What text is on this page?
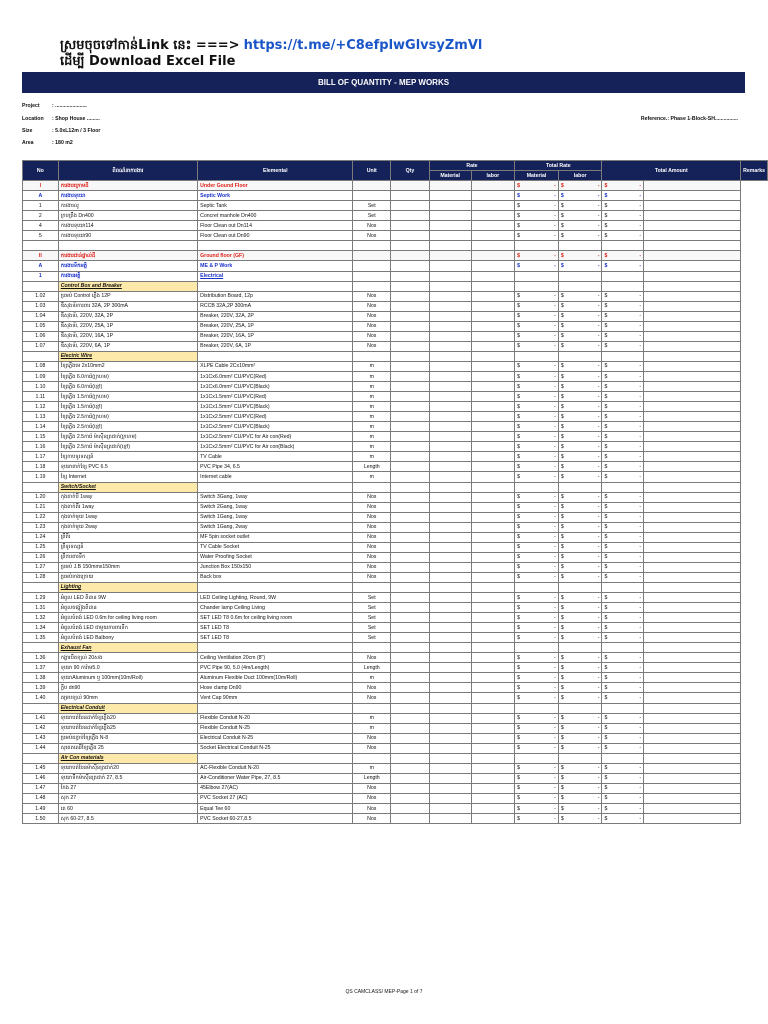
ស្រមចុចទៅកាន់Link នេះ ===> https://t.me/+C8efplwGlvsyZmVl
ដើម្បី Download Excel File
BILL OF QUANTITY - MEP WORKS
Project : ......................
Location : Shop House .........
Size	: 5.0xL12m / 3 Floor
Area	: 180 m2
Reference.: Phase 1-Block-SH................
No	ពិពណ៌នាការងារ	Elemental	Unit	Qty	Rate		Total Rate		Total Amount		Remarks
					Material	labor	Material	labor			
I	ការងារក្រោមដី	Under Gound Floor					$ -	$ -	$ -		

A	ការងារទុយោ	Septic Work					$ -	$ -	$ -		

1	ការងារលូ	Septic Tank	Set				$ -	$ -	$ -		

2	ក្របគ្រឹង Dn400	Concret manhole Dn400	Set				$ -	$ -	$ -		

4	ការងារទុយោ114	Floor Clean out Dn114	Nos				$ -	$ -	$ -		

5	ការងារទុយោ90	Floor Clean out Dn90	Nos				$ -	$ -	$ -		

II	ការងារជាន់ផ្ទាល់ដី	Ground floor (GF)					$ -	$ -	$ -		

A	ការងារទឹកអគ្គិ	ME & P Work					$ -	$ -	$ -		

1	ការងារអគ្គិ	Electrical									
	Control Box and Breaker										
1.02	ប្រអប់ Control ភ្លើង 12P	Distribution Board, 12p	Nos				$ -	$ -	$ -		

1.03	ឌីសុងទ័រការពារ 32A, 2P 300mA	RCCB 32A,2P 300mA	Nos				$ -	$ -	$ -		

1.04	ឌីសុងទ័រ, 220V, 32A, 2P	Breaker, 220V, 32A, 2P	Nos				$ -	$ -	$ -		

1.05	ឌីសុងទ័រ, 220V, 25A, 1P	Breaker, 220V, 25A, 1P	Nos				$ -	$ -	$ -		

1.06	ឌីសុងទ័រ, 220V, 16A, 1P	Breaker, 220V, 16A, 1P	Nos				$ -	$ -	$ -		

1.07	ឌីសុងទ័រ, 220V, 6A, 1P	Breaker, 220V, 6A, 1P	Nos				$ -	$ -	$ -		

	Electric Wire										
1.08	ខ្សែភ្លើងមេ 2x10mm2	XLPE Cable 2Cx10mm²	m				$ -	$ -	$ -		

1.09	ខ្សែភ្លើង 6.0ការ៉េ(ក្រហម)	1x1Cx6.0mm² CU/PVC(Red)	m				$ -	$ -	$ -		

1.10	ខ្សែភ្លើង 6.0ការ៉េ(ខ្មៅ)	1x1Cx6.0mm² CU/PVC(Black)	m				$ -	$ -	$ -		

1.11	ខ្សែភ្លើង 1.5ការ៉េ(ក្រហម)	1x1Cx1.5mm² CU/PVC(Red)	m				$ -	$ -	$ -		

1.12	ខ្សែភ្លើង 1.5ការ៉េ(ខ្មៅ)	1x1Cx1.5mm² CU/PVC(Black)	m				$ -	$ -	$ -		

1.13	ខ្សែភ្លើង 2.5ការ៉េ(ក្រហម)	1x1Cx2.5mm² CU/PVC(Red)	m				$ -	$ -	$ -		

1.14	ខ្សែភ្លើង 2.5ការ៉េ(ខ្មៅ)	1x1Cx2.5mm² CU/PVC(Black)	m				$ -	$ -	$ -		

1.15	ខ្សែភ្លើង 2.5ការ៉េ ម៉ាស៊ីនត្រជាក់(ក្រហម)	1x1Cx2.5mm² CU/PVC for Air con(Red)	m				$ -	$ -	$ -		

1.16	ខ្សែភ្លើង 2.5ការ៉េ ម៉ាស៊ីនត្រជាក់(ខ្មៅ)	1x1Cx2.5mm² CU/PVC for Air con(Black)	m				$ -	$ -	$ -		

1.17	ខ្សែកាបទូរទស្សន៍	TV Cable	m				$ -	$ -	$ -		

1.18	ទុយោពាក់ខ្សែ PVC 6.5	PVC Pipe 34, 6.5	Length				$ -	$ -	$ -		

1.19	ខ្សែ Internet	Internet cable	m				$ -	$ -	$ -		

	Switch/Socket										
1.20	កុងតាក់បី 1way	Switch 3Gang, 1way	Nos				$ -	$ -	$ -		

1.21	កុងតាក់ពីរ 1way	Switch 2Gang, 1way	Nos				$ -	$ -	$ -		

1.22	កុងតាក់មួយ 1way	Switch 1Gang, 1way	Nos				$ -	$ -	$ -		

1.23	កុងតាក់មួយ 2way	Switch 1Gang, 2way	Nos				$ -	$ -	$ -		

1.24	ព្រីពីរ	MF 5pin socket outlet	Nos				$ -	$ -	$ -		

1.25	ព្រីទូរទស្សន៍	TV Cable Socket	Nos				$ -	$ -	$ -		

1.26	ព្រីការពារទឹក	Water Proofing Socket	Nos				$ -	$ -	$ -		

1.27	ប្រអប់ J.B 150mmx150mm	Junction Box 150x150	Nos				$ -	$ -	$ -		

1.28	ប្រអប់ខាងក្រោយ	Back box	Nos				$ -	$ -	$ -		

	Lighting										
1.29	អំពូល LED ពិដាន 9W	LED Ceiling Lighting, Round, 9W	Set				$ -	$ -	$ -		

1.31	អំពូលចង្កៀងពិដាន	Chander lamp Ceiling Living	Set				$ -	$ -	$ -		

1.32	អំពូលបំពង់ LED 0.6m for ceiling living room	SET LED T8 0.6m for ceiling living room	Set				$ -	$ -	$ -		

1.34	អំពូលបំពង់ LED ជាមួយការពារទឹក	SET LED T8	Set				$ -	$ -	$ -		

1.35	អំពូលបំពង់ LED Balbony	SET LED T8	Set				$ -	$ -	$ -		

	Exhaust Fan										
1.36	កង្ហារបឺតខ្យល់ 20សង	Ceiling Ventilation 20cm (8")	Nos				$ -	$ -	$ -		

1.37	ទុយោ 90 ការ៉ាម5.0	PVC Pipe 90, 5.0 (4m/Length)	Length				$ -	$ -	$ -		

1.38	ទុយោAluminum ឬ 100mm(10m/Roll)	Aluminum Flexible Duct 100mm(10m/Roll)	m				$ -	$ -	$ -		

1.39	ក្លីប dn90	Hose clamp Dn90	Nos				$ -	$ -	$ -		

1.40	គម្របខ្យល់ 90mm	Vent Cap 90mm	Nos				$ -	$ -	$ -		

	Electrical Conduit										
1.41	ទុយោបត់បែនដាក់ខ្សែភ្លើង20	Flexible Conduit N-20	m				$ -	$ -	$ -		

1.42	ទុយោបត់បែនដាក់ខ្សែភ្លើង25	Flexible Conduit N-25	m				$ -	$ -	$ -		

1.43	ប្រអប់តភ្ជាប់ខ្សែភ្លើង N-8	Electrical Conduit N-25	Nos				$ -	$ -	$ -		

1.44	សុតេតឈើខ្សែភ្លើង 25	Socket Electrical Conduit N-25	Nos				$ -	$ -	$ -		

	Air Con materials										
1.45	ទុយោបត់បែនម៉ាស៊ីនត្រជាក់20	AC-Flexible Conduit N-20	m				$ -	$ -	$ -		

1.46	ទុយោទឹកម៉ាស៊ីនត្រជាក់ 27, 8.5	Air-Conditioner Water Pipe, 27, 8.5	Length				$ -	$ -	$ -		

1.47	កែង 27	45Elbow 27(AC)	Nos				$ -	$ -	$ -		

1.48	សុក 27	PVC Socket 27 (AC)	Nos				$ -	$ -	$ -		

1.49	តេ 60	Equal Tee 60	Nos				$ -	$ -	$ -		

1.50	សុក 60-27, 8.5	PVC Socket 60-27,8.5	Nos				$ -	$ -	$ -		

QS CAMCLASS/ MEP-Page 1 of 7
